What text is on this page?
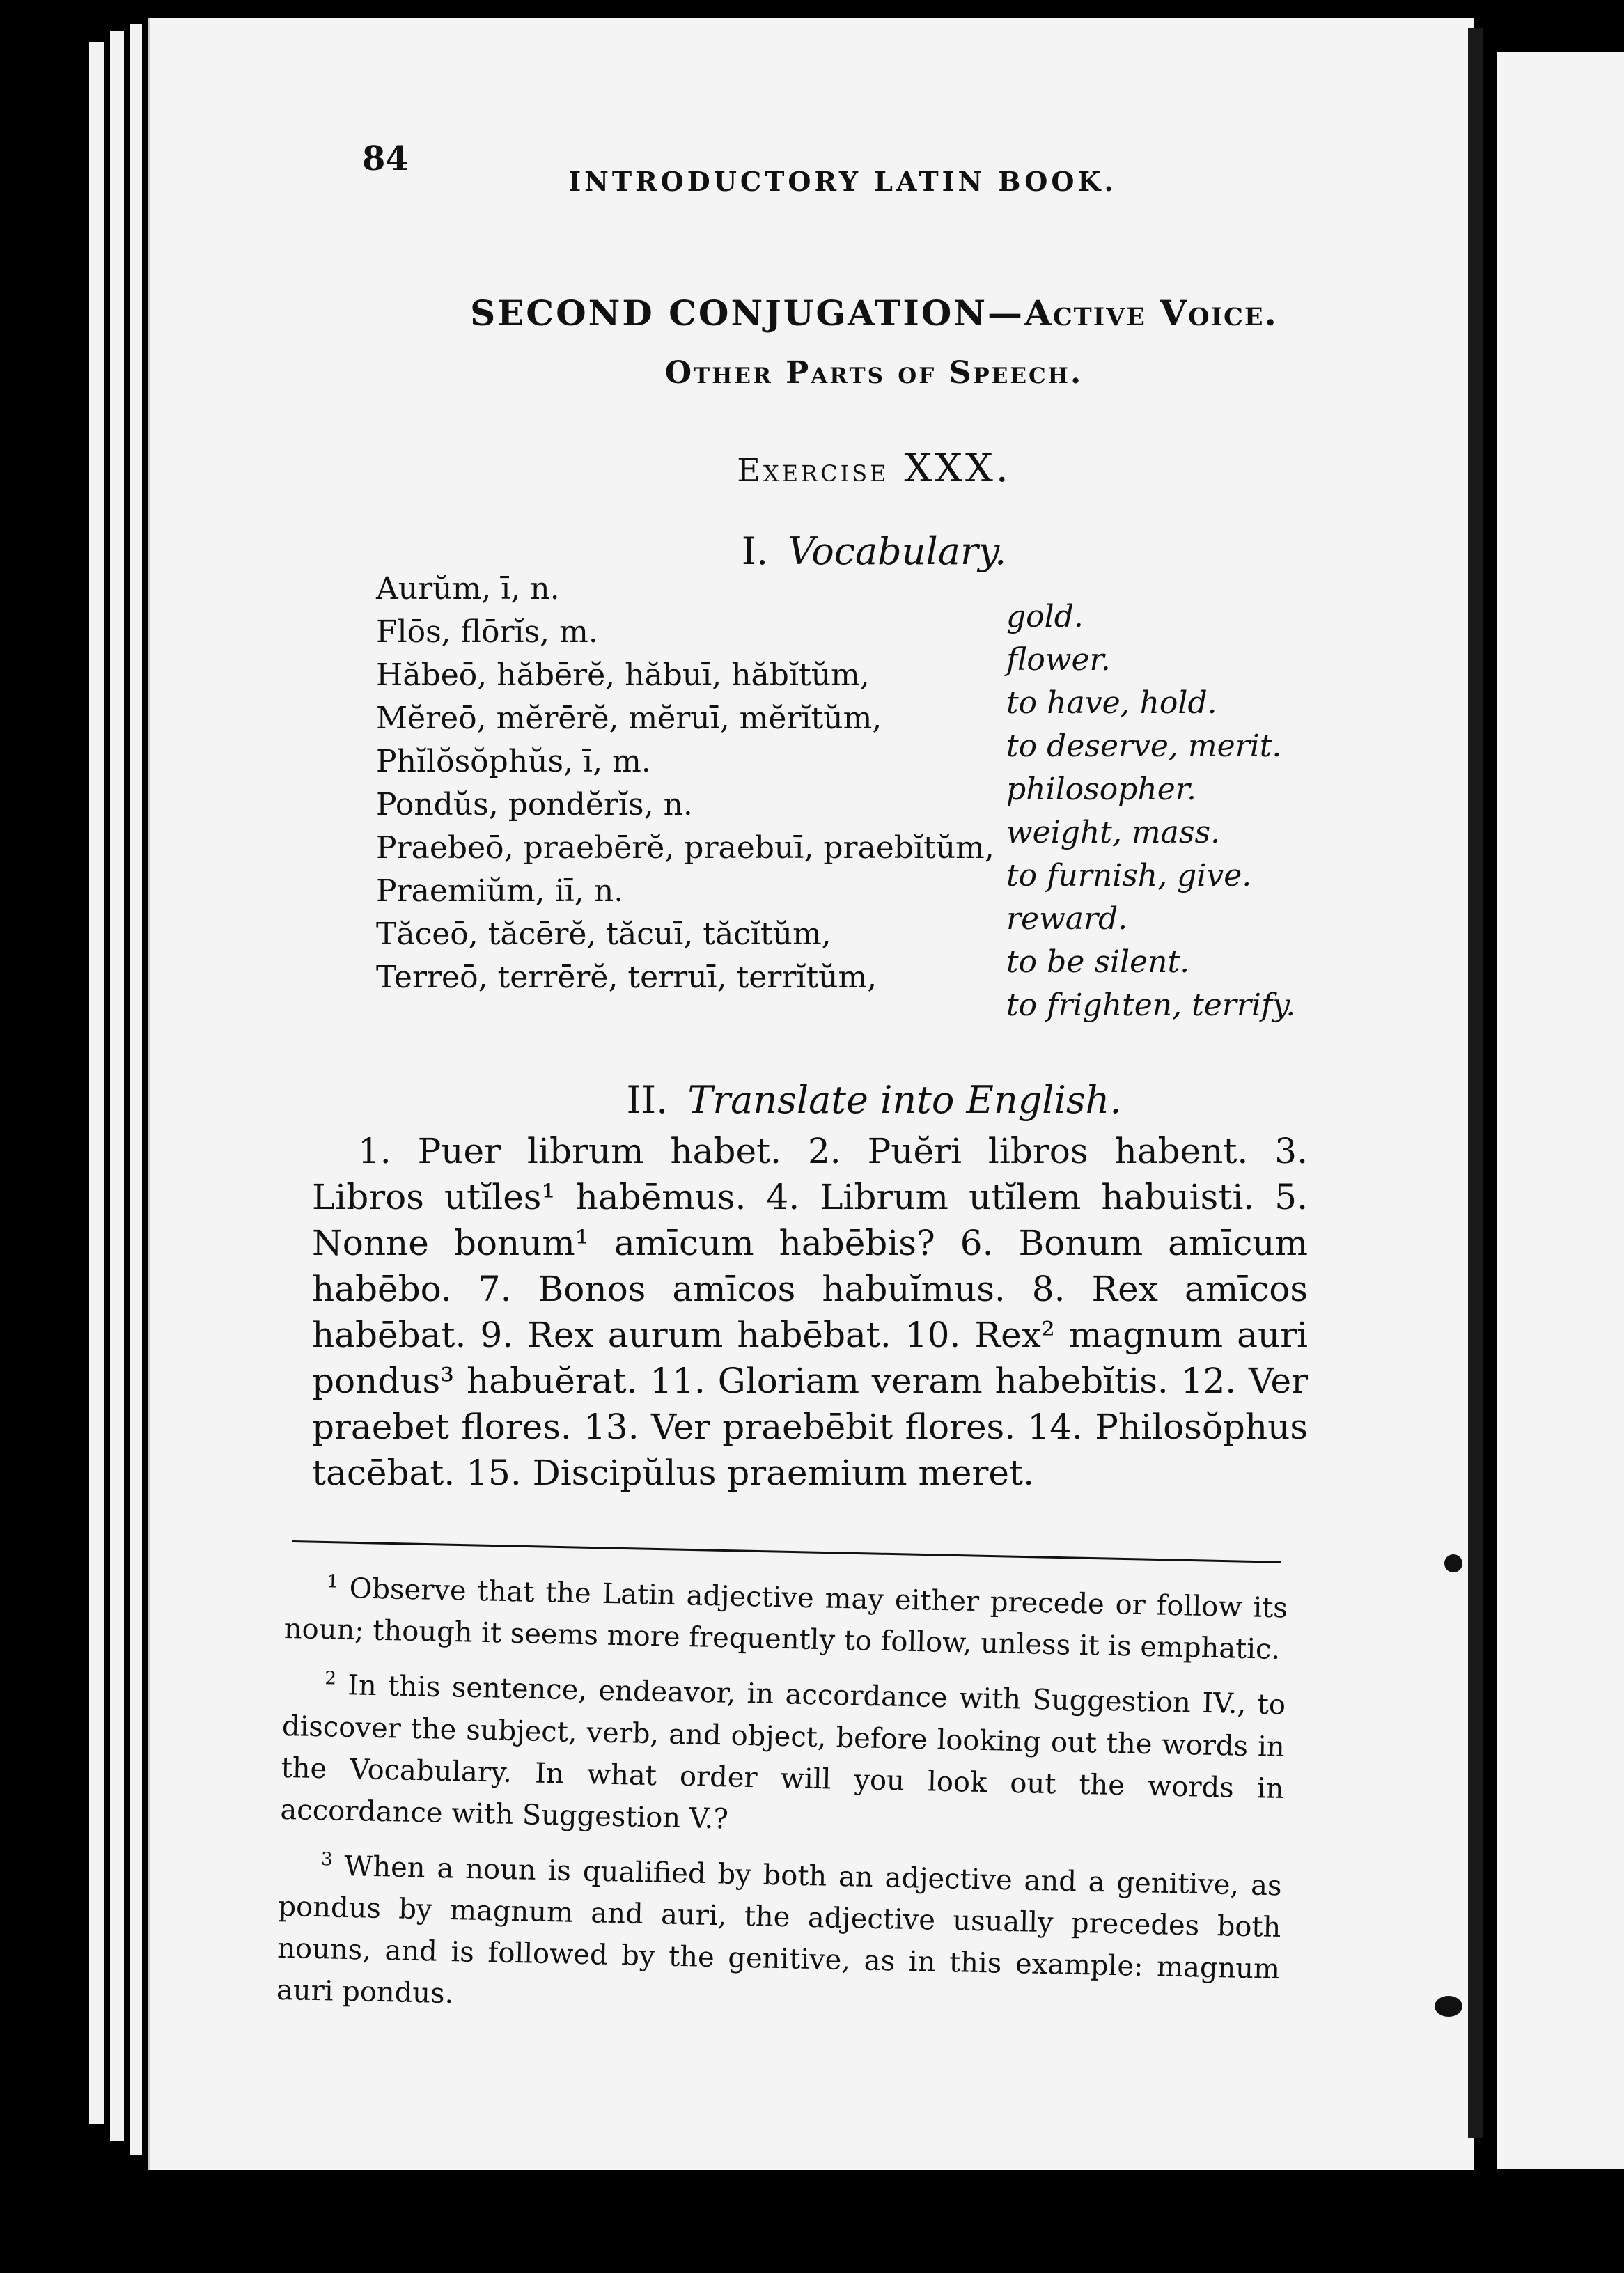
84
INTRODUCTORY LATIN BOOK.
SECOND CONJUGATION—Active Voice.
Other Parts of Speech.
Exercise XXX.
I. Vocabulary.
Aurŭm, ī, n.
gold.
Flōs, flōrĭs, m.
flower.
Hăbeō, hăbērĕ, hăbuī, hăbĭtŭm,
to have, hold.
Mĕreō, mĕrērĕ, mĕruī, mĕrĭtŭm,
to deserve, merit.
Phĭlŏsŏphŭs, ī, m.
philosopher.
Pondŭs, pondĕrĭs, n.
weight, mass.
Praebeō, praebērĕ, praebuī, praebĭtŭm,
to furnish, give.
Praemiŭm, iī, n.
reward.
Tăceō, tăcērĕ, tăcuī, tăcĭtŭm,
to be silent.
Terreō, terrērĕ, terruī, terrĭtŭm,
to frighten, terrify.
II. Translate into English.
1. Puer librum habet. 2. Puĕri libros habent. 3. Libros utĭles¹ habēmus. 4. Librum utĭlem habuisti. 5. Nonne bonum¹ amīcum habēbis? 6. Bonum amīcum habēbo. 7. Bonos amīcos habuĭmus. 8. Rex amīcos habēbat. 9. Rex aurum habēbat. 10. Rex² magnum auri pondus³ habuĕrat. 11. Gloriam veram habebĭtis. 12. Ver praebet flores. 13. Ver praebēbit flores. 14. Philosŏphus tacēbat. 15. Discipŭlus praemium meret.

$^1$ Observe that the Latin adjective may either precede or follow its noun; though it seems more frequently to follow, unless it is emphatic.

$^2$ In this sentence, endeavor, in accordance with Suggestion IV., to discover the subject, verb, and object, before looking out the words in the Vocabulary. In what order will you look out the words in accordance with Suggestion V.?

$^3$ When a noun is qualified by both an adjective and a genitive, as pondus by magnum and auri, the adjective usually precedes both nouns, and is followed by the genitive, as in this example: magnum auri pondus.
